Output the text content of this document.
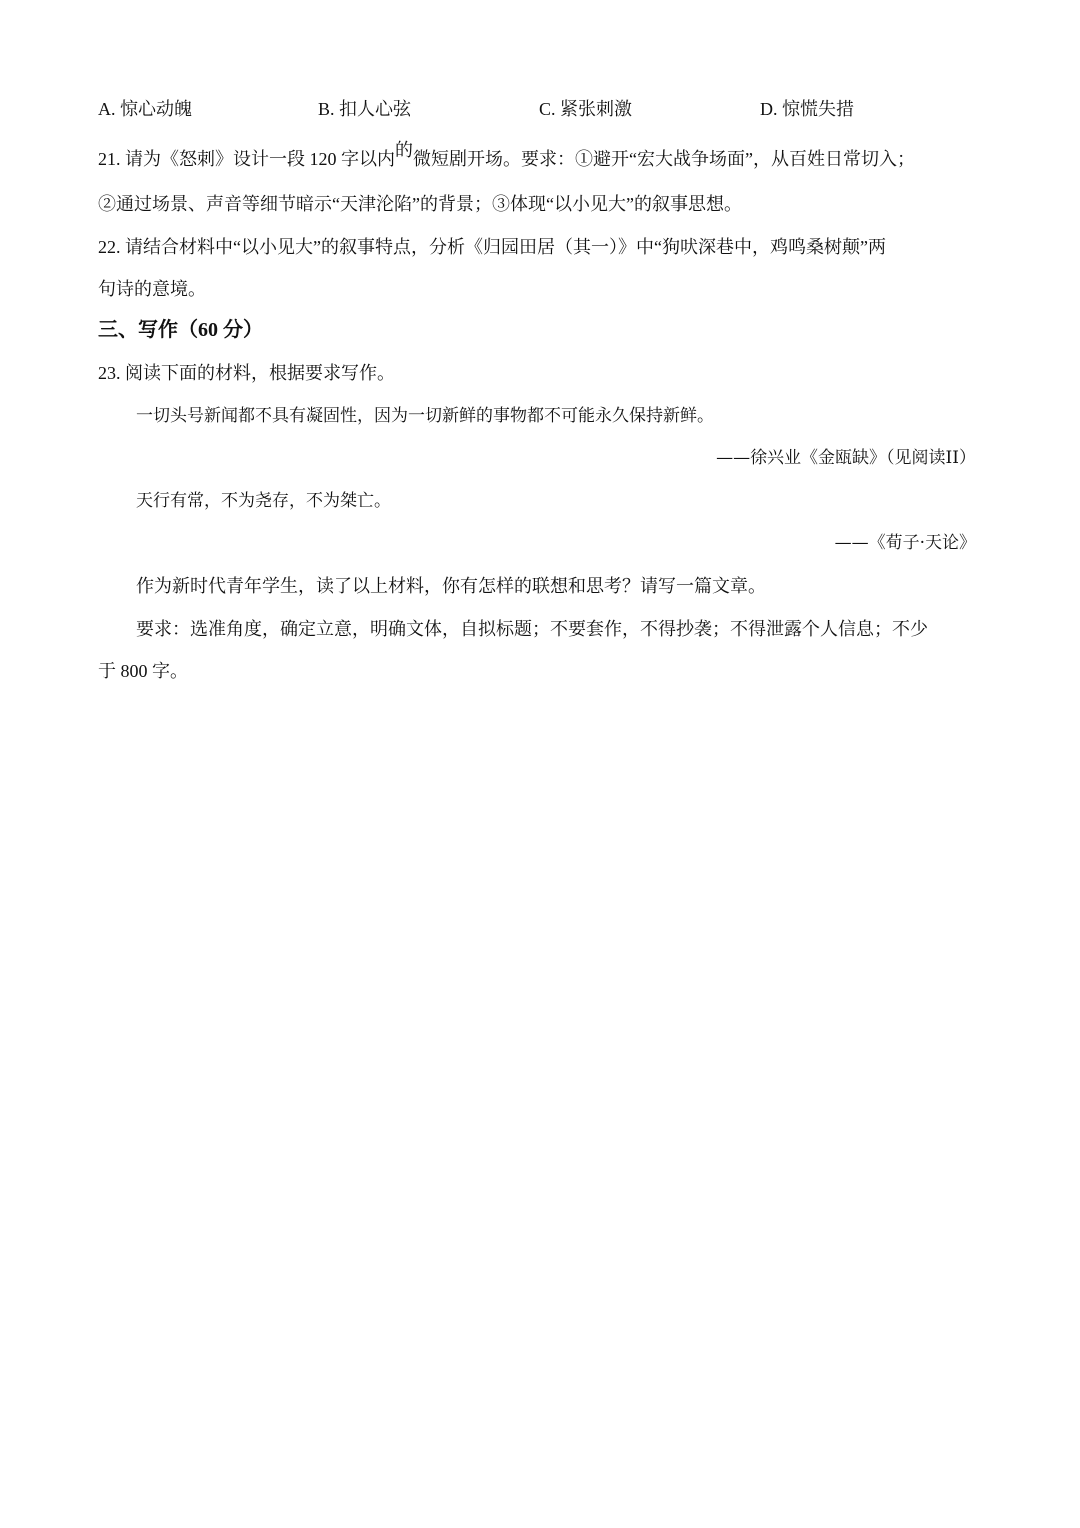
A. 惊心动魄	B. 扣人心弦	C. 紧张刺激	D. 惊慌失措
21. 请为《怒刺》设计一段 120 字以内的微短剧开场。要求：①避开“宏大战争场面”，从百姓日常切入；
②通过场景、声音等细节暗示“天津沦陷”的背景；③体现“以小见大”的叙事思想。
22. 请结合材料中“以小见大”的叙事特点，分析《归园田居（其一）》中“狗吠深巷中，鸡鸣桑树颠”两
句诗的意境。
三、写作（60 分）
23. 阅读下面的材料，根据要求写作。
一切头号新闻都不具有凝固性，因为一切新鲜的事物都不可能永久保持新鲜。
——徐兴业《金瓯缺》（见阅读II）
天行有常，不为尧存，不为桀亡。
——《荀子·天论》
作为新时代青年学生，读了以上材料，你有怎样的联想和思考？请写一篇文章。
要求：选准角度，确定立意，明确文体，自拟标题；不要套作，不得抄袭；不得泄露个人信息；不少
于 800 字。
